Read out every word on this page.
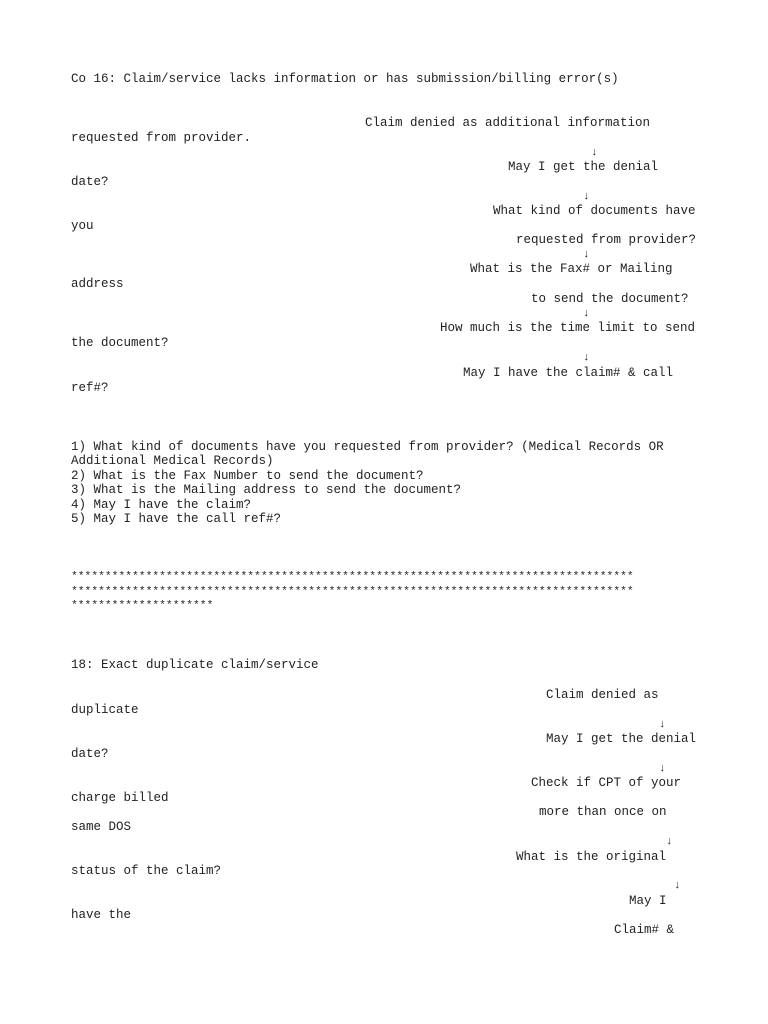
Co 16: Claim/service lacks information or has submission/billing error(s)
Claim denied as additional information
requested from provider.
↓
May I get the denial
date?
↓
What kind of documents have
you
requested from provider?
↓
What is the Fax# or Mailing
address
to send the document?
↓
How much is the time limit to send
the document?
↓
May I have the claim# & call
ref#?
1) What kind of documents have you requested from provider? (Medical Records OR
Additional Medical Records)
2) What is the Fax Number to send the document?
3) What is the Mailing address to send the document?
4) May I have the claim?
5) May I have the call ref#?
***********************************************************************************
***********************************************************************************
*********************
18: Exact duplicate claim/service
Claim denied as
duplicate
↓
May I get the denial
date?
↓
Check if CPT of your
charge billed
more than once on
same DOS
↓
What is the original
status of the claim?
↓
May I
have the
Claim# &
